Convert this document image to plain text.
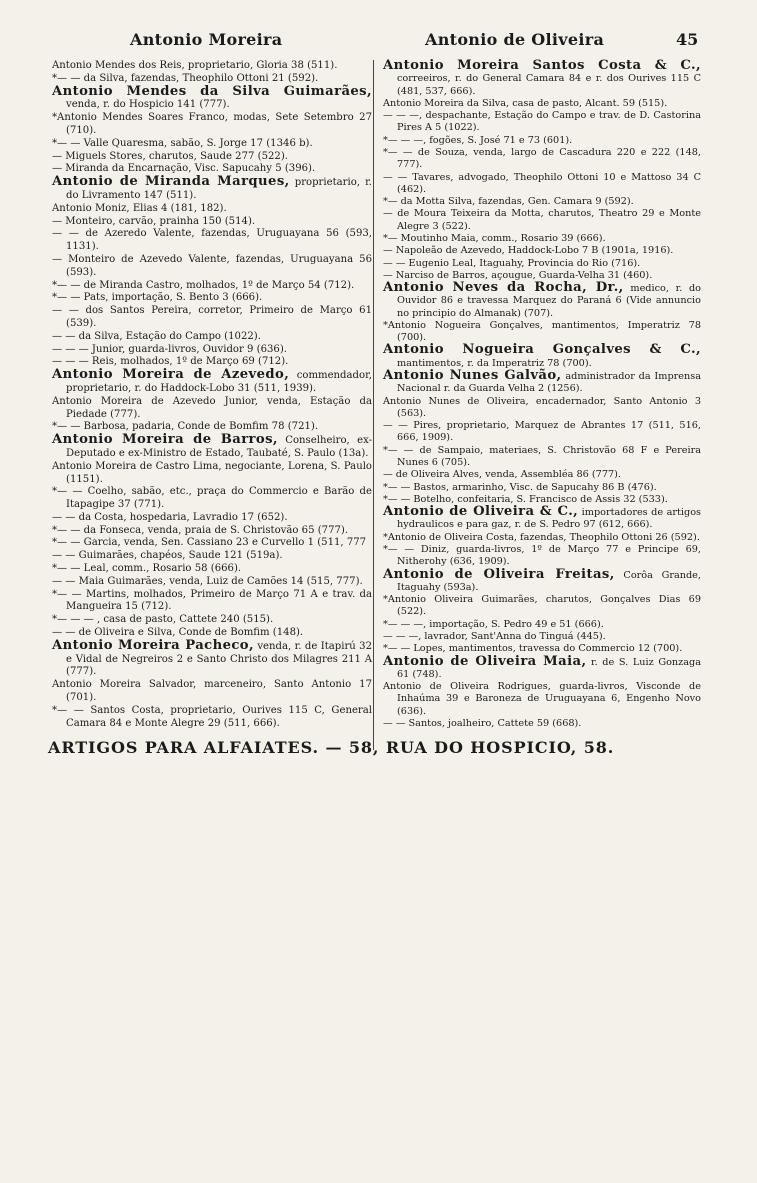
Antonio Moreira	Antonio de Oliveira	45

Antonio Mendes dos Reis, proprietario, Gloria 38 (511).

*— — da Silva, fazendas, Theophilo Ottoni 21 (592).

Antonio Mendes da Silva Guimarães, venda, r. do Hospicio 141 (777).

*Antonio Mendes Soares Franco, modas, Sete Setembro 27 (710).

*— — Valle Quaresma, sabão, S. Jorge 17 (1346 b).

— Miguels Stores, charutos, Saude 277 (522).

— Miranda da Encarnação, Visc. Sapucahy 5 (396).

Antonio de Miranda Marques, proprietario, r. do Livramento 147 (511).

Antonio Moniz, Elias 4 (181, 182).

— Monteiro, carvão, prainha 150 (514).

— — de Azeredo Valente, fazendas, Uruguayana 56 (593, 1131).

— Monteiro de Azevedo Valente, fazendas, Uruguayana 56 (593).

*— — de Miranda Castro, molhados, 1º de Março 54 (712).

*— — Pats, importação, S. Bento 3 (666).

— — dos Santos Pereira, corretor, Primeiro de Março 61 (539).

— — da Silva, Estação do Campo (1022).

— — — Junior, guarda-livros, Ouvidor 9 (636).

— — — Reis, molhados, 1º de Março 69 (712).

Antonio Moreira de Azevedo, commendador, proprietario, r. do Haddock-Lobo 31 (511, 1939).

Antonio Moreira de Azevedo Junior, venda, Estação da Piedade (777).

*— — Barbosa, padaria, Conde de Bomfim 78 (721).

Antonio Moreira de Barros, Conselheiro, ex-Deputado e ex-Ministro de Estado, Taubaté, S. Paulo (13a).

Antonio Moreira de Castro Lima, negociante, Lorena, S. Paulo (1151).

*— — Coelho, sabão, etc., praça do Commercio e Barão de Itapagipe 37 (771).

— — da Costa, hospedaria, Lavradio 17 (652).

*— — da Fonseca, venda, praia de S. Christovão 65 (777).

*— — Garcia, venda, Sen. Cassiano 23 e Curvello 1 (511, 777

— — Guimarães, chapéos, Saude 121 (519a).

*— — Leal, comm., Rosario 58 (666).

— — Maia Guimarães, venda, Luiz de Camões 14 (515, 777).

*— — Martins, molhados, Primeiro de Março 71 A e trav. da Mangueira 15 (712).

*— — — , casa de pasto, Cattete 240 (515).

— — de Oliveira e Silva, Conde de Bomfim (148).

Antonio Moreira Pacheco, venda, r. de Itapirú 32 e Vidal de Negreiros 2 e Santo Christo dos Milagres 211 A (777).

Antonio Moreira Salvador, marceneiro, Santo Antonio 17 (701).

*— — Santos Costa, proprietario, Ourives 115 C, General Camara 84 e Monte Alegre 29 (511, 666).

Antonio Moreira Santos Costa & C., correeiros, r. do General Camara 84 e r. dos Ourives 115 C (481, 537, 666).

Antonio Moreira da Silva, casa de pasto, Alcant. 59 (515).

— — —, despachante, Estação do Campo e trav. de D. Castorina Pires A 5 (1022).

*— — —, fogões, S. José 71 e 73 (601).

*— — de Souza, venda, largo de Cascadura 220 e 222 (148, 777).

— — Tavares, advogado, Theophilo Ottoni 10 e Mattoso 34 C (462).

*— da Motta Silva, fazendas, Gen. Camara 9 (592).

— de Moura Teixeira da Motta, charutos, Theatro 29 e Monte Alegre 3 (522).

*— Moutinho Maia, comm., Rosario 39 (666).

— Napoleão de Azevedo, Haddock-Lobo 7 B (1901a, 1916).

— — Eugenio Leal, Itaguahy, Provincia do Rio (716).

— Narciso de Barros, açougue, Guarda-Velha 31 (460).

Antonio Neves da Rocha, Dr., medico, r. do Ouvidor 86 e travessa Marquez do Paraná 6 (Vide annuncio no principio do Almanak) (707).

*Antonio Nogueira Gonçalves, mantimentos, Imperatriz 78 (700).

Antonio Nogueira Gonçalves & C., mantimentos, r. da Imperatriz 78 (700).

Antonio Nunes Galvão, administrador da Imprensa Nacional r. da Guarda Velha 2 (1256).

Antonio Nunes de Oliveira, encadernador, Santo Antonio 3 (563).

— — Pires, proprietario, Marquez de Abrantes 17 (511, 516, 666, 1909).

*— — de Sampaio, materiaes, S. Christovão 68 F e Pereira Nunes 6 (705).

— de Oliveira Alves, venda, Assembléa 86 (777).

*— — Bastos, armarinho, Visc. de Sapucahy 86 B (476).

*— — Botelho, confeitaria, S. Francisco de Assis 32 (533).

Antonio de Oliveira & C., importadores de artigos hydraulicos e para gaz, r. de S. Pedro 97 (612, 666).

*Antonio de Oliveira Costa, fazendas, Theophilo Ottoni 26 (592).

*— — Diniz, guarda-livros, 1º de Março 77 e Principe 69, Nitherohy (636, 1909).

Antonio de Oliveira Freitas, Corôa Grande, Itaguahy (593a).

*Antonio Oliveira Guimarães, charutos, Gonçalves Dias 69 (522).

*— — —, importação, S. Pedro 49 e 51 (666).

— — —, lavrador, Sant'Anna do Tinguá (445).

*— — Lopes, mantimentos, travessa do Commercio 12 (700).

Antonio de Oliveira Maia, r. de S. Luiz Gonzaga 61 (748).

Antonio de Oliveira Rodrigues, guarda-livros, Visconde de Inhaúma 39 e Baroneza de Uruguayana 6, Engenho Novo (636).

— — Santos, joalheiro, Cattete 59 (668).

ARTIGOS PARA ALFAIATES. — 58, RUA DO HOSPICIO, 58.
